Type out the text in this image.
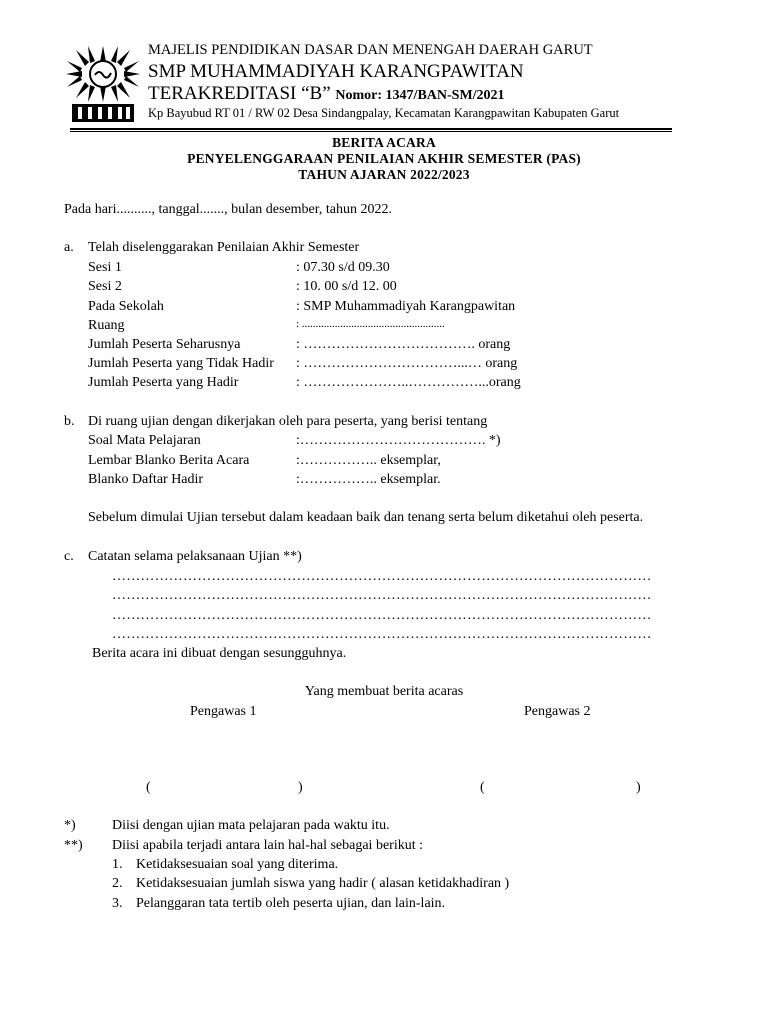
MAJELIS PENDIDIKAN DASAR DAN MENENGAH DAERAH GARUT
SMP MUHAMMADIYAH KARANGPAWITAN
TERAKREDITASI “B” Nomor: 1347/BAN-SM/2021
Kp Bayubud RT 01 / RW 02 Desa Sindangpalay, Kecamatan Karangpawitan Kabupaten Garut
BERITA ACARA
PENYELENGGARAAN PENILAIAN AKHIR SEMESTER (PAS)
TAHUN AJARAN 2022/2023
Pada hari.........., tanggal......., bulan desember, tahun 2022.
a. Telah diselenggarakan Penilaian Akhir Semester
Sesi 1	: 07.30 s/d 09.30
Sesi 2	: 10. 00 s/d 12. 00
Pada Sekolah	: SMP Muhammadiyah Karangpawitan
Ruang	: ....................................................
Jumlah Peserta Seharusnya	: ………………………………. orang
Jumlah Peserta yang Tidak Hadir : ……………………………...… orang
Jumlah Peserta yang Hadir	: …………………..……………...orang
b. Di ruang ujian dengan dikerjakan oleh para peserta, yang berisi tentang
Soal Mata Pelajaran	:…………………………………. *)
Lembar Blanko Berita Acara	:…………….. eksemplar,
Blanko Daftar Hadir	:…………….. eksemplar.
Sebelum dimulai Ujian tersebut dalam keadaan baik dan tenang serta belum diketahui oleh peserta.
c. Catatan selama pelaksanaan Ujian **)
……………………………………………………………………………………………………
……………………………………………………………………………………………………
……………………………………………………………………………………………………
……………………………………………………………………………………………………
Berita acara ini dibuat dengan sesungguhnya.
Yang membuat berita acaras
Pengawas 1	Pengawas 2
(	)	(	)
*)	Diisi dengan ujian mata pelajaran pada waktu itu.
**) Diisi apabila terjadi antara lain hal-hal sebagai berikut :
1. Ketidaksesuaian soal yang diterima.
2. Ketidaksesuaian jumlah siswa yang hadir ( alasan ketidakhadiran )
3. Pelanggaran tata tertib oleh peserta ujian, dan lain-lain.
